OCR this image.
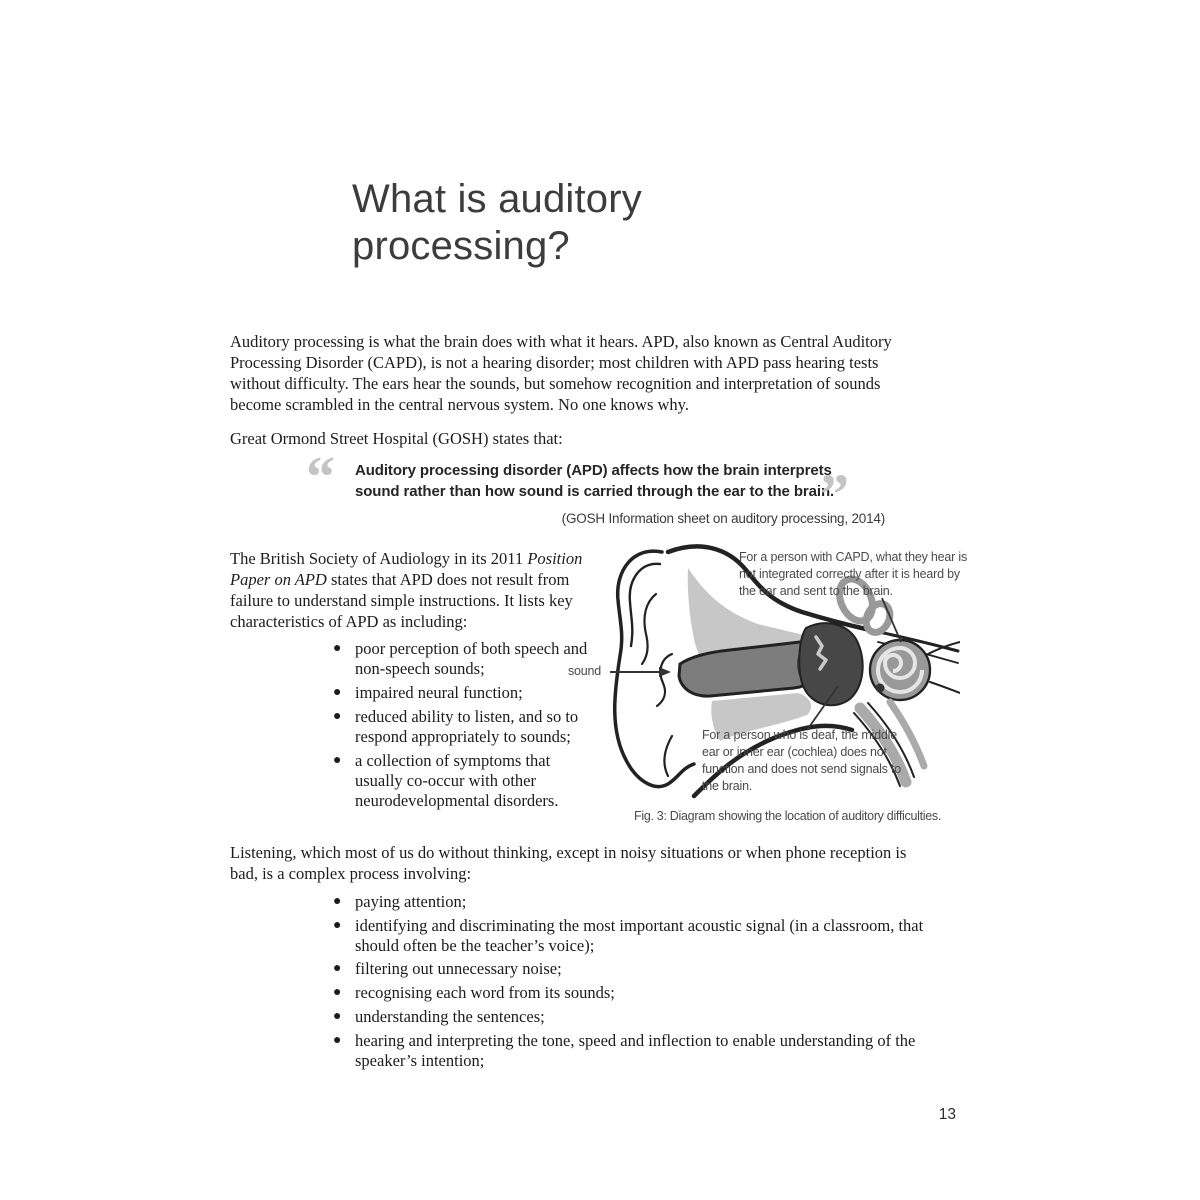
What is auditory processing?

Auditory processing is what the brain does with what it hears. APD, also known as Central Auditory Processing Disorder (CAPD), is not a hearing disorder; most children with APD pass hearing tests without difficulty. The ears hear the sounds, but somehow recognition and interpretation of sounds become scrambled in the central nervous system. No one knows why.

Great Ormond Street Hospital (GOSH) states that:

“ Auditory processing disorder (APD) affects how the brain interprets sound rather than how sound is carried through the ear to the brain.

”

(GOSH Information sheet on auditory processing, 2014)

The British Society of Audiology in its 2011 Position Paper on APD states that APD does not result from failure to understand simple instructions. It lists key characteristics of APD as including:

● poor perception of both speech and non-speech sounds;
● impaired neural function;
● reduced ability to listen, and so to respond appropriately to sounds;
● a collection of symptoms that usually co-occur with other neurodevelopmental disorders.

For a person with CAPD, what they hear is not integrated correctly after it is heard by the ear and sent to the brain.

sound

For a person who is deaf, the middle ear or inner ear (cochlea) does not function and does not send signals to the brain.

Fig. 3: Diagram showing the location of auditory difficulties.

Listening, which most of us do without thinking, except in noisy situations or when phone reception is bad, is a complex process involving:

● paying attention;
● identifying and discriminating the most important acoustic signal (in a classroom, that should often be the teacher’s voice);
● filtering out unnecessary noise;
● recognising each word from its sounds;
● understanding the sentences;
● hearing and interpreting the tone, speed and inflection to enable understanding of the speaker’s intention;

13
